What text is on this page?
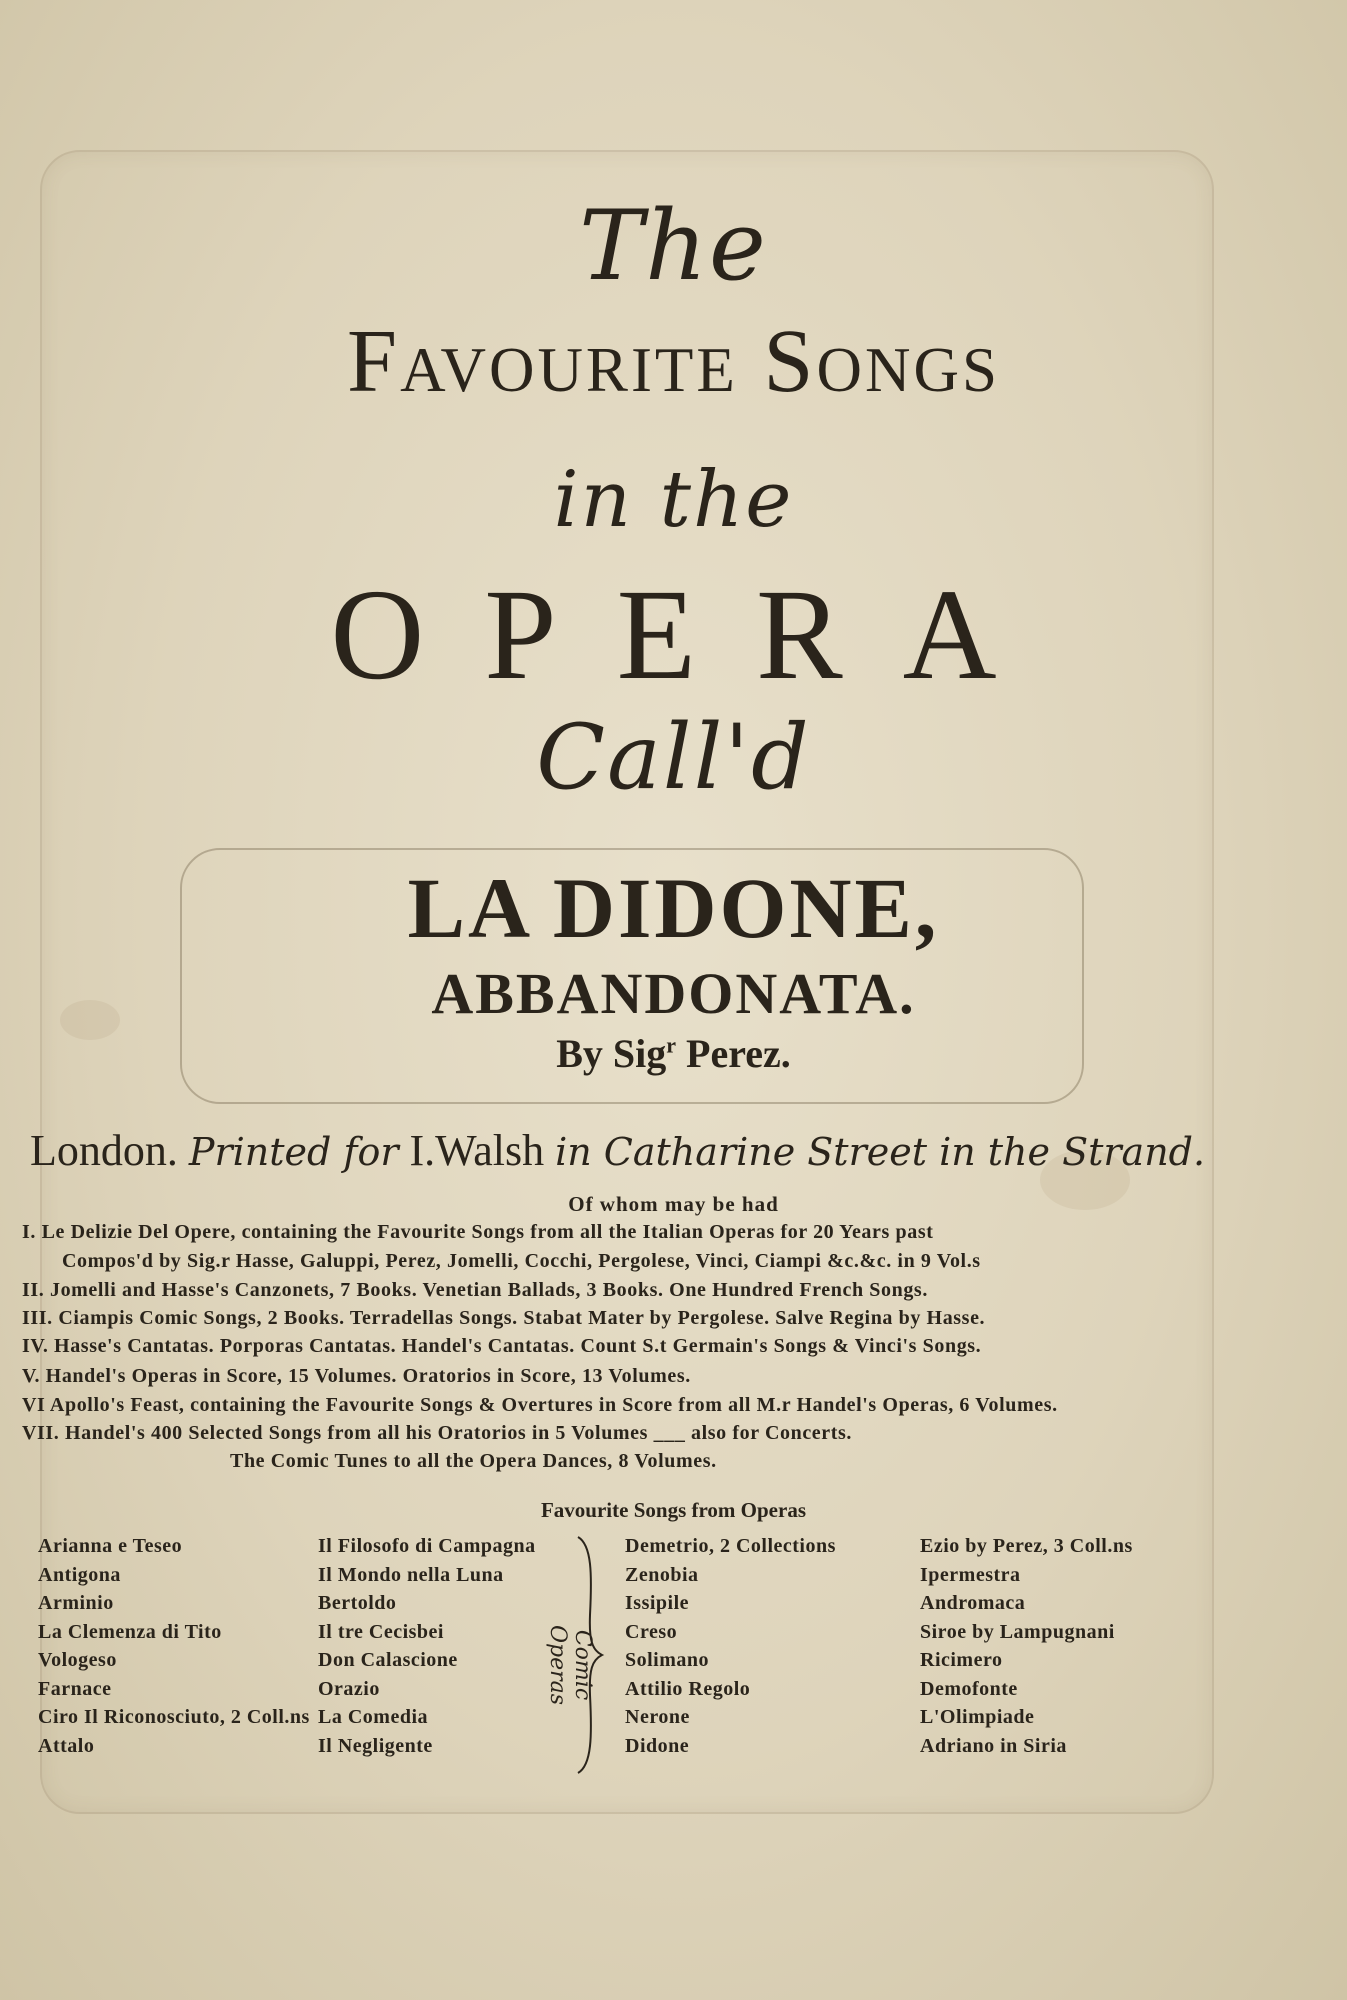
The
Favourite Songs
in the
OPERA
Call'd
LA DIDONE,
ABBANDONATA.
By Sig$^r$ Perez.
London. Printed for I.Walsh in Catharine Street in the Strand.
Of whom may be had
I. Le Delizie Del Opere, containing the Favourite Songs from all the Italian Operas for 20 Years past
Compos'd by Sig.r Hasse, Galuppi, Perez, Jomelli, Cocchi, Pergolese, Vinci, Ciampi &c.&c. in 9 Vol.s
II. Jomelli and Hasse's Canzonets, 7 Books. Venetian Ballads, 3 Books. One Hundred French Songs.
III. Ciampis Comic Songs, 2 Books. Terradellas Songs. Stabat Mater by Pergolese. Salve Regina by Hasse.
IV. Hasse's Cantatas. Porporas Cantatas. Handel's Cantatas. Count S.t Germain's Songs & Vinci's Songs.
V. Handel's Operas in Score, 15 Volumes. Oratorios in Score, 13 Volumes.
VI Apollo's Feast, containing the Favourite Songs & Overtures in Score from all M.r Handel's Operas, 6 Volumes.
VII. Handel's 400 Selected Songs from all his Oratorios in 5 Volumes ___ also for Concerts.
The Comic Tunes to all the Opera Dances, 8 Volumes.
Favourite Songs from Operas
Arianna e Teseo
Antigona
Arminio
La Clemenza di Tito
Vologeso
Farnace
Ciro Il Riconosciuto, 2 Coll.ns
Attalo
Il Filosofo di Campagna
Il Mondo nella Luna
Bertoldo
Il tre Cecisbei
Don Calascione
Orazio
La Comedia
Il Negligente
Comic Operas
Demetrio, 2 Collections
Zenobia
Issipile
Creso
Solimano
Attilio Regolo
Nerone
Didone
Ezio by Perez, 3 Coll.ns
Ipermestra
Andromaca
Siroe by Lampugnani
Ricimero
Demofonte
L'Olimpiade
Adriano in Siria
